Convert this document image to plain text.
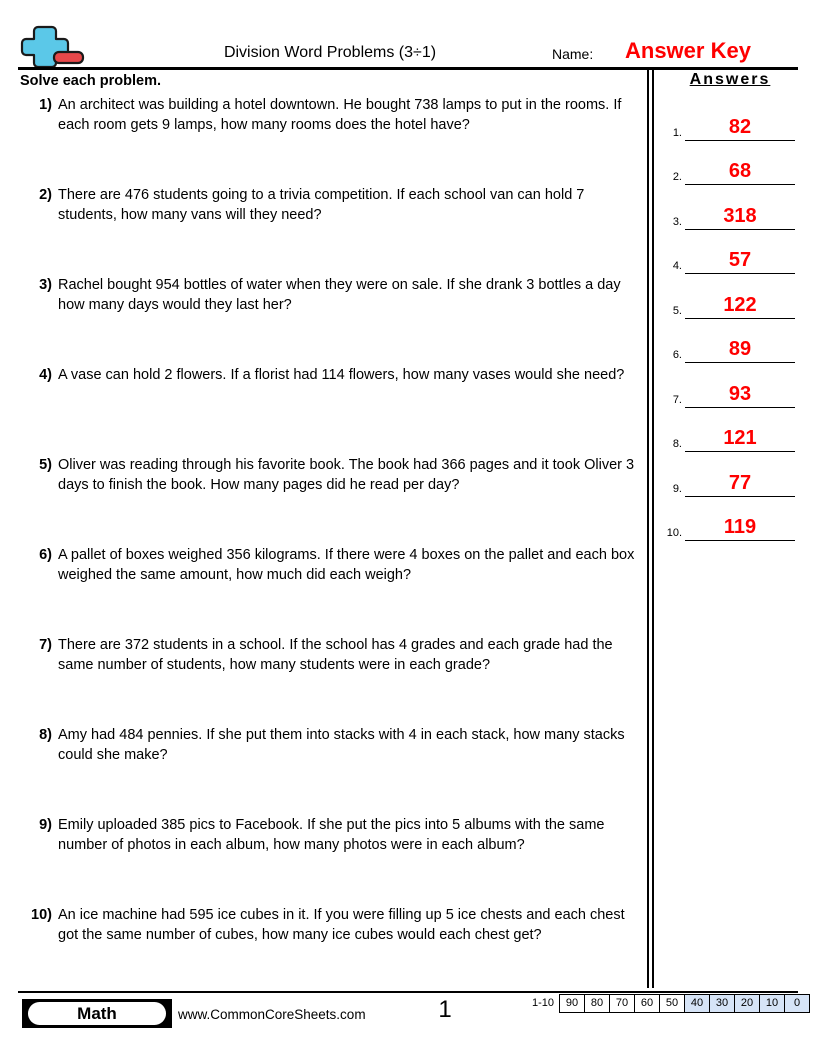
Division Word Problems (3÷1)	Name: Answer Key
Solve each problem.
1) An architect was building a hotel downtown. He bought 738 lamps to put in the rooms. If each room gets 9 lamps, how many rooms does the hotel have?
2) There are 476 students going to a trivia competition. If each school van can hold 7 students, how many vans will they need?
3) Rachel bought 954 bottles of water when they were on sale. If she drank 3 bottles a day how many days would they last her?
4) A vase can hold 2 flowers. If a florist had 114 flowers, how many vases would she need?
5) Oliver was reading through his favorite book. The book had 366 pages and it took Oliver 3 days to finish the book. How many pages did he read per day?
6) A pallet of boxes weighed 356 kilograms. If there were 4 boxes on the pallet and each box weighed the same amount, how much did each weigh?
7) There are 372 students in a school. If the school has 4 grades and each grade had the same number of students, how many students were in each grade?
8) Amy had 484 pennies. If she put them into stacks with 4 in each stack, how many stacks could she make?
9) Emily uploaded 385 pics to Facebook. If she put the pics into 5 albums with the same number of photos in each album, how many photos were in each album?
10) An ice machine had 595 ice cubes in it. If you were filling up 5 ice chests and each chest got the same number of cubes, how many ice cubes would each chest get?
Answers
1.	82
2.	68
3.	318
4.	57
5.	122
6.	89
7.	93
8.	121
9.	77
10.	119
Math	www.CommonCoreSheets.com	1	1-10	90	80	70	60	50	40	30	20	10	0
